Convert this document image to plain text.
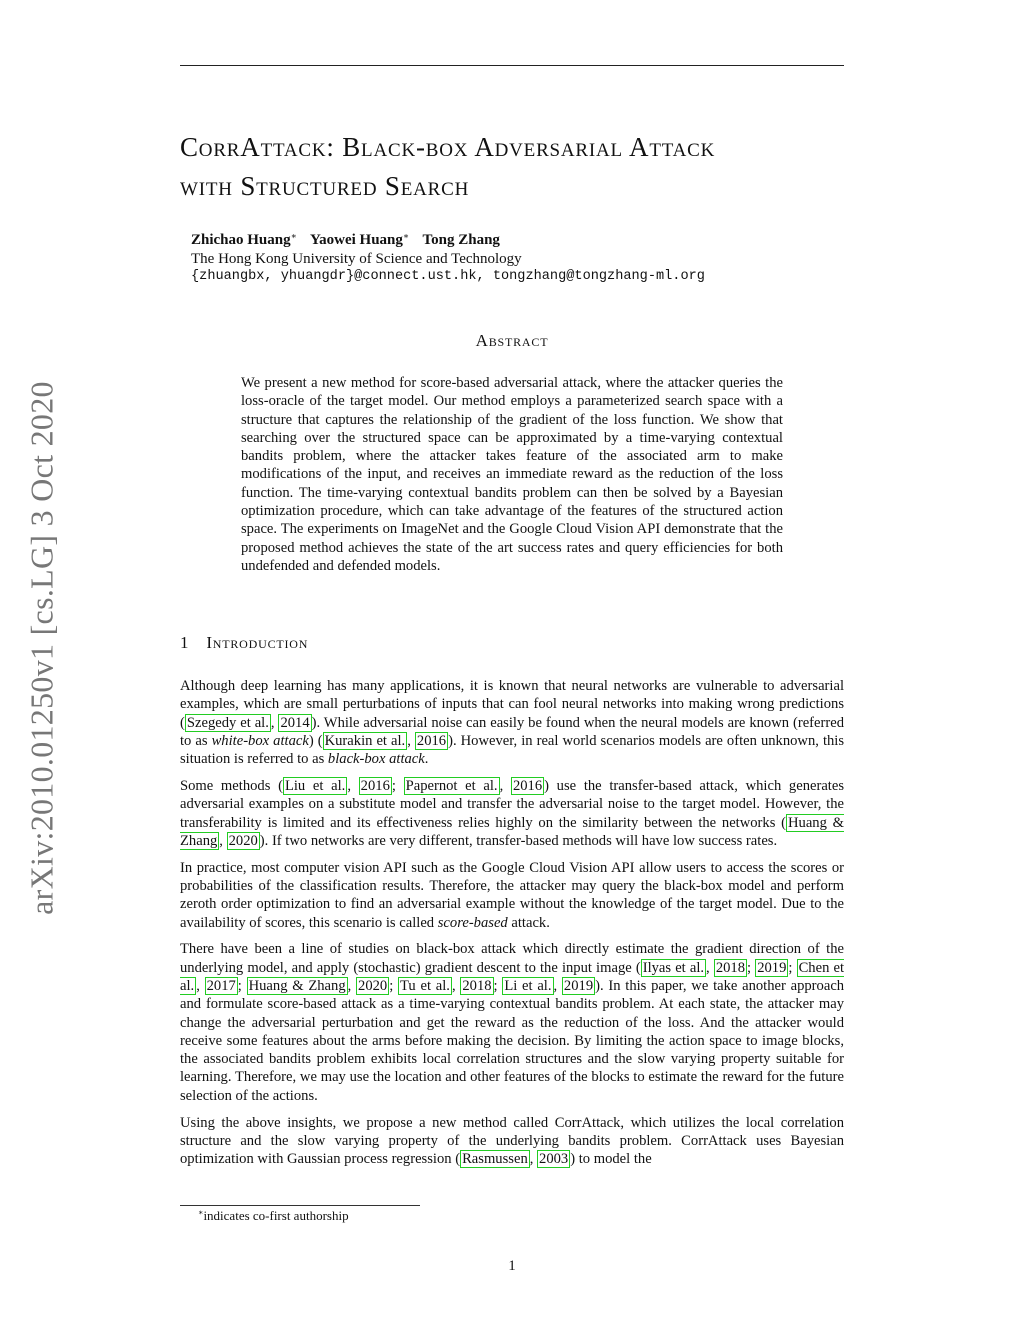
arXiv:2010.01250v1 [cs.LG] 3 Oct 2020
CorrAttack: Black-box Adversarial Attack
with Structured Search
Zhichao Huang∗ Yaowei Huang∗ Tong Zhang
The Hong Kong University of Science and Technology
{zhuangbx, yhuangdr}@connect.ust.hk, tongzhang@tongzhang-ml.org
Abstract

We present a new method for score-based adversarial attack, where the attacker queries the loss-oracle of the target model. Our method employs a parameterized search space with a structure that captures the relationship of the gradient of the loss function. We show that searching over the structured space can be approximated by a time-varying contextual bandits problem, where the attacker takes feature of the associated arm to make modifications of the input, and receives an immediate reward as the reduction of the loss function. The time-varying contextual bandits problem can then be solved by a Bayesian optimization procedure, which can take advantage of the features of the structured action space. The experiments on ImageNet and the Google Cloud Vision API demonstrate that the proposed method achieves the state of the art success rates and query efficiencies for both undefended and defended models.

1 Introduction

Although deep learning has many applications, it is known that neural networks are vulnerable to adversarial examples, which are small perturbations of inputs that can fool neural networks into making wrong predictions ( Szegedy et al. , 2014 ). While adversarial noise can easily be found when the neural models are known (referred to as white-box attack) ( Kurakin et al. , 2016 ). However, in real world scenarios models are often unknown, this situation is referred to as black-box attack.

Some methods ( Liu et al. , 2016 ; Papernot et al. , 2016 ) use the transfer-based attack, which generates adversarial examples on a substitute model and transfer the adversarial noise to the target model. However, the transferability is limited and its effectiveness relies highly on the similarity between the networks ( Huang & Zhang , 2020 ). If two networks are very different, transfer-based methods will have low success rates.

In practice, most computer vision API such as the Google Cloud Vision API allow users to access the scores or probabilities of the classification results. Therefore, the attacker may query the black-box model and perform zeroth order optimization to find an adversarial example without the knowledge of the target model. Due to the availability of scores, this scenario is called score-based attack.

There have been a line of studies on black-box attack which directly estimate the gradient direction of the underlying model, and apply (stochastic) gradient descent to the input image ( Ilyas et al. , 2018 ; 2019 ; Chen et al. , 2017 ; Huang & Zhang , 2020 ; Tu et al. , 2018 ; Li et al. , 2019 ). In this paper, we take another approach and formulate score-based attack as a time-varying contextual bandits problem. At each state, the attacker may change the adversarial perturbation and get the reward as the reduction of the loss. And the attacker would receive some features about the arms before making the decision. By limiting the action space to image blocks, the associated bandits problem exhibits local correlation structures and the slow varying property suitable for learning. Therefore, we may use the location and other features of the blocks to estimate the reward for the future selection of the actions.

Using the above insights, we propose a new method called CorrAttack, which utilizes the local correlation structure and the slow varying property of the underlying bandits problem. CorrAttack uses Bayesian optimization with Gaussian process regression ( Rasmussen , 2003 ) to model the

∗indicates co-first authorship
1
